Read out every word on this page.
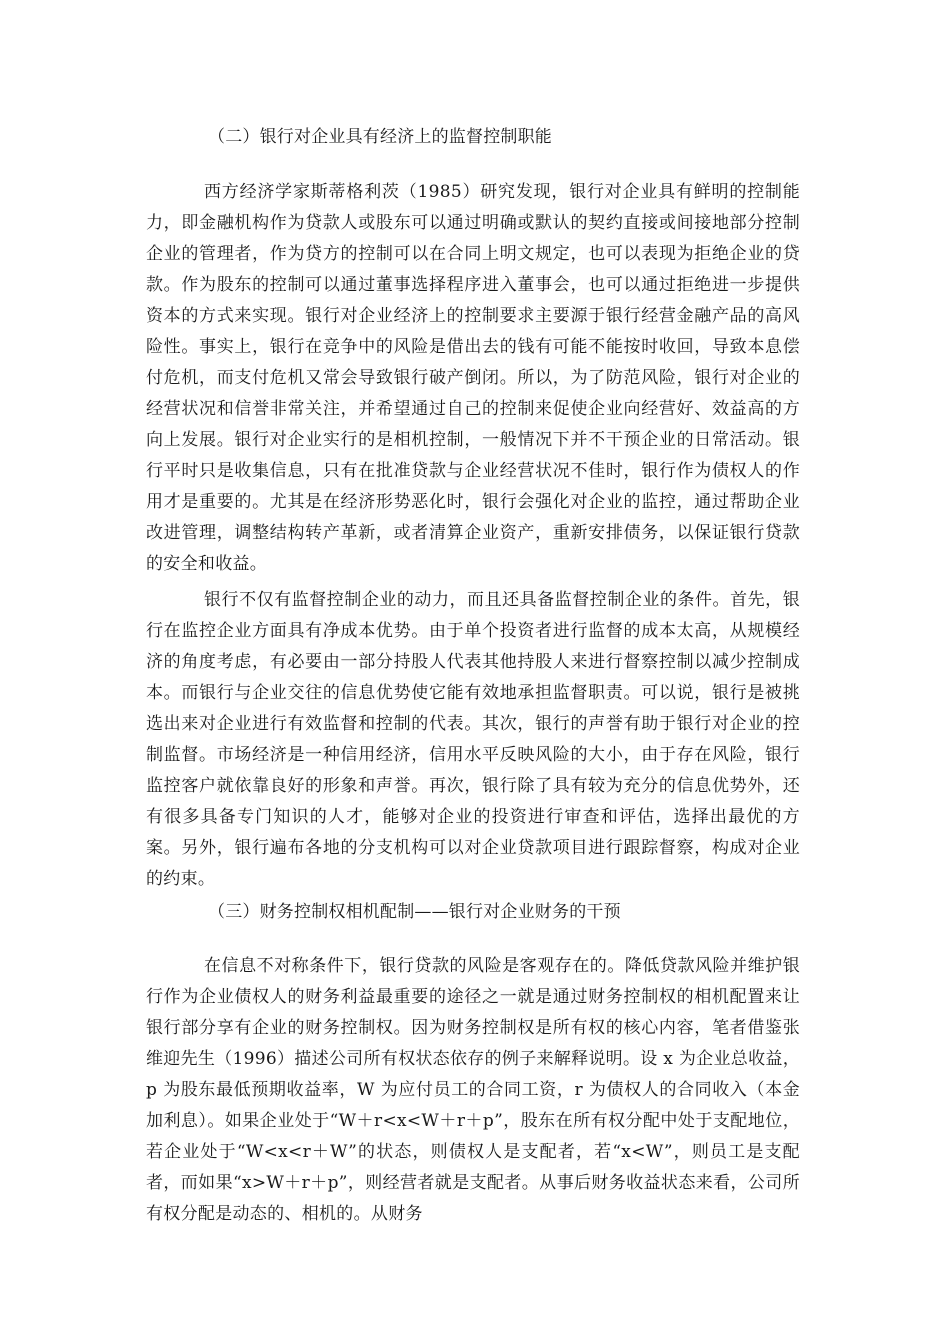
（二）银行对企业具有经济上的监督控制职能
西方经济学家斯蒂格利茨（1985）研究发现，银行对企业具有鲜明的控制能力，即金融机构作为贷款人或股东可以通过明确或默认的契约直接或间接地部分控制企业的管理者，作为贷方的控制可以在合同上明文规定，也可以表现为拒绝企业的贷款。作为股东的控制可以通过董事选择程序进入董事会，也可以通过拒绝进一步提供资本的方式来实现。银行对企业经济上的控制要求主要源于银行经营金融产品的高风险性。事实上，银行在竞争中的风险是借出去的钱有可能不能按时收回，导致本息偿付危机，而支付危机又常会导致银行破产倒闭。所以，为了防范风险，银行对企业的经营状况和信誉非常关注，并希望通过自己的控制来促使企业向经营好、效益高的方向上发展。银行对企业实行的是相机控制，一般情况下并不干预企业的日常活动。银行平时只是收集信息，只有在批准贷款与企业经营状况不佳时，银行作为债权人的作用才是重要的。尤其是在经济形势恶化时，银行会强化对企业的监控，通过帮助企业改进管理，调整结构转产革新，或者清算企业资产，重新安排债务，以保证银行贷款的安全和收益。
银行不仅有监督控制企业的动力，而且还具备监督控制企业的条件。首先，银行在监控企业方面具有净成本优势。由于单个投资者进行监督的成本太高，从规模经济的角度考虑，有必要由一部分持股人代表其他持股人来进行督察控制以减少控制成本。而银行与企业交往的信息优势使它能有效地承担监督职责。可以说，银行是被挑选出来对企业进行有效监督和控制的代表。其次，银行的声誉有助于银行对企业的控制监督。市场经济是一种信用经济，信用水平反映风险的大小，由于存在风险，银行监控客户就依靠良好的形象和声誉。再次，银行除了具有较为充分的信息优势外，还有很多具备专门知识的人才，能够对企业的投资进行审查和评估，选择出最优的方案。另外，银行遍布各地的分支机构可以对企业贷款项目进行跟踪督察，构成对企业的约束。
（三）财务控制权相机配制——银行对企业财务的干预
在信息不对称条件下，银行贷款的风险是客观存在的。降低贷款风险并维护银行作为企业债权人的财务利益最重要的途径之一就是通过财务控制权的相机配置来让银行部分享有企业的财务控制权。因为财务控制权是所有权的核心内容，笔者借鉴张维迎先生（1996）描述公司所有权状态依存的例子来解释说明。设 x 为企业总收益，p 为股东最低预期收益率，W 为应付员工的合同工资，r 为债权人的合同收入（本金加利息）。如果企业处于“W＋r<x<W＋r＋p”，股东在所有权分配中处于支配地位，若企业处于“W<x<r＋W”的状态，则债权人是支配者，若“x<W”，则员工是支配者，而如果“x>W＋r＋p”，则经营者就是支配者。从事后财务收益状态来看，公司所有权分配是动态的、相机的。从财务
